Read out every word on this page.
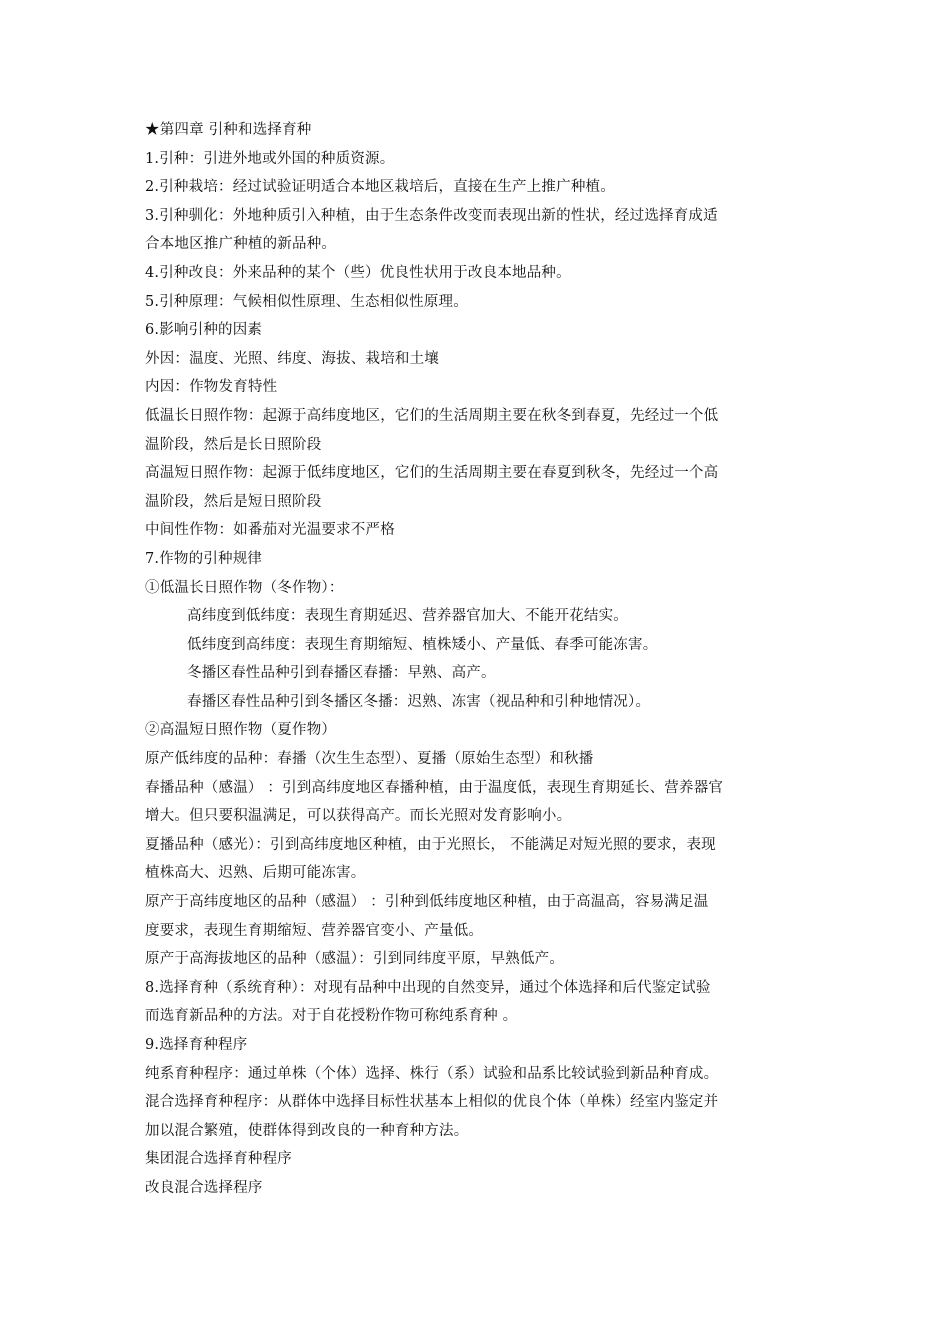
★第四章 引种和选择育种
1.引种：引进外地或外国的种质资源。
2.引种栽培：经过试验证明适合本地区栽培后，直接在生产上推广种植。
3.引种驯化：外地种质引入种植，由于生态条件改变而表现出新的性状，经过选择育成适
合本地区推广种植的新品种。
4.引种改良：外来品种的某个（些）优良性状用于改良本地品种。
5.引种原理：气候相似性原理、生态相似性原理。
6.影响引种的因素
外因：温度、光照、纬度、海拔、栽培和土壤
内因：作物发育特性
低温长日照作物：起源于高纬度地区，它们的生活周期主要在秋冬到春夏，先经过一个低
温阶段，然后是长日照阶段
高温短日照作物：起源于低纬度地区，它们的生活周期主要在春夏到秋冬，先经过一个高
温阶段，然后是短日照阶段
中间性作物：如番茄对光温要求不严格
7.作物的引种规律
①低温长日照作物（冬作物）：
高纬度到低纬度：表现生育期延迟、营养器官加大、不能开花结实。
低纬度到高纬度：表现生育期缩短、植株矮小、产量低、春季可能冻害。
冬播区春性品种引到春播区春播：早熟、高产。
春播区春性品种引到冬播区冬播：迟熟、冻害（视品种和引种地情况）。
②高温短日照作物（夏作物）
原产低纬度的品种：春播（次生生态型）、夏播（原始生态型）和秋播
春播品种（感温） ：引到高纬度地区春播种植，由于温度低，表现生育期延长、营养器官
增大。但只要积温满足，可以获得高产。而长光照对发育影响小。
夏播品种（感光）：引到高纬度地区种植，由于光照长， 不能满足对短光照的要求，表现
植株高大、迟熟、后期可能冻害。
原产于高纬度地区的品种（感温） ：引种到低纬度地区种植，由于高温高，容易满足温
度要求，表现生育期缩短、营养器官变小、产量低。
原产于高海拔地区的品种（感温）：引到同纬度平原，早熟低产。
8.选择育种（系统育种）：对现有品种中出现的自然变异，通过个体选择和后代鉴定试验
而选育新品种的方法。对于自花授粉作物可称纯系育种 。
9.选择育种程序
纯系育种程序：通过单株（个体）选择、株行（系）试验和品系比较试验到新品种育成。
混合选择育种程序：从群体中选择目标性状基本上相似的优良个体（单株）经室内鉴定并
加以混合繁殖，使群体得到改良的一种育种方法。
集团混合选择育种程序
改良混合选择程序
